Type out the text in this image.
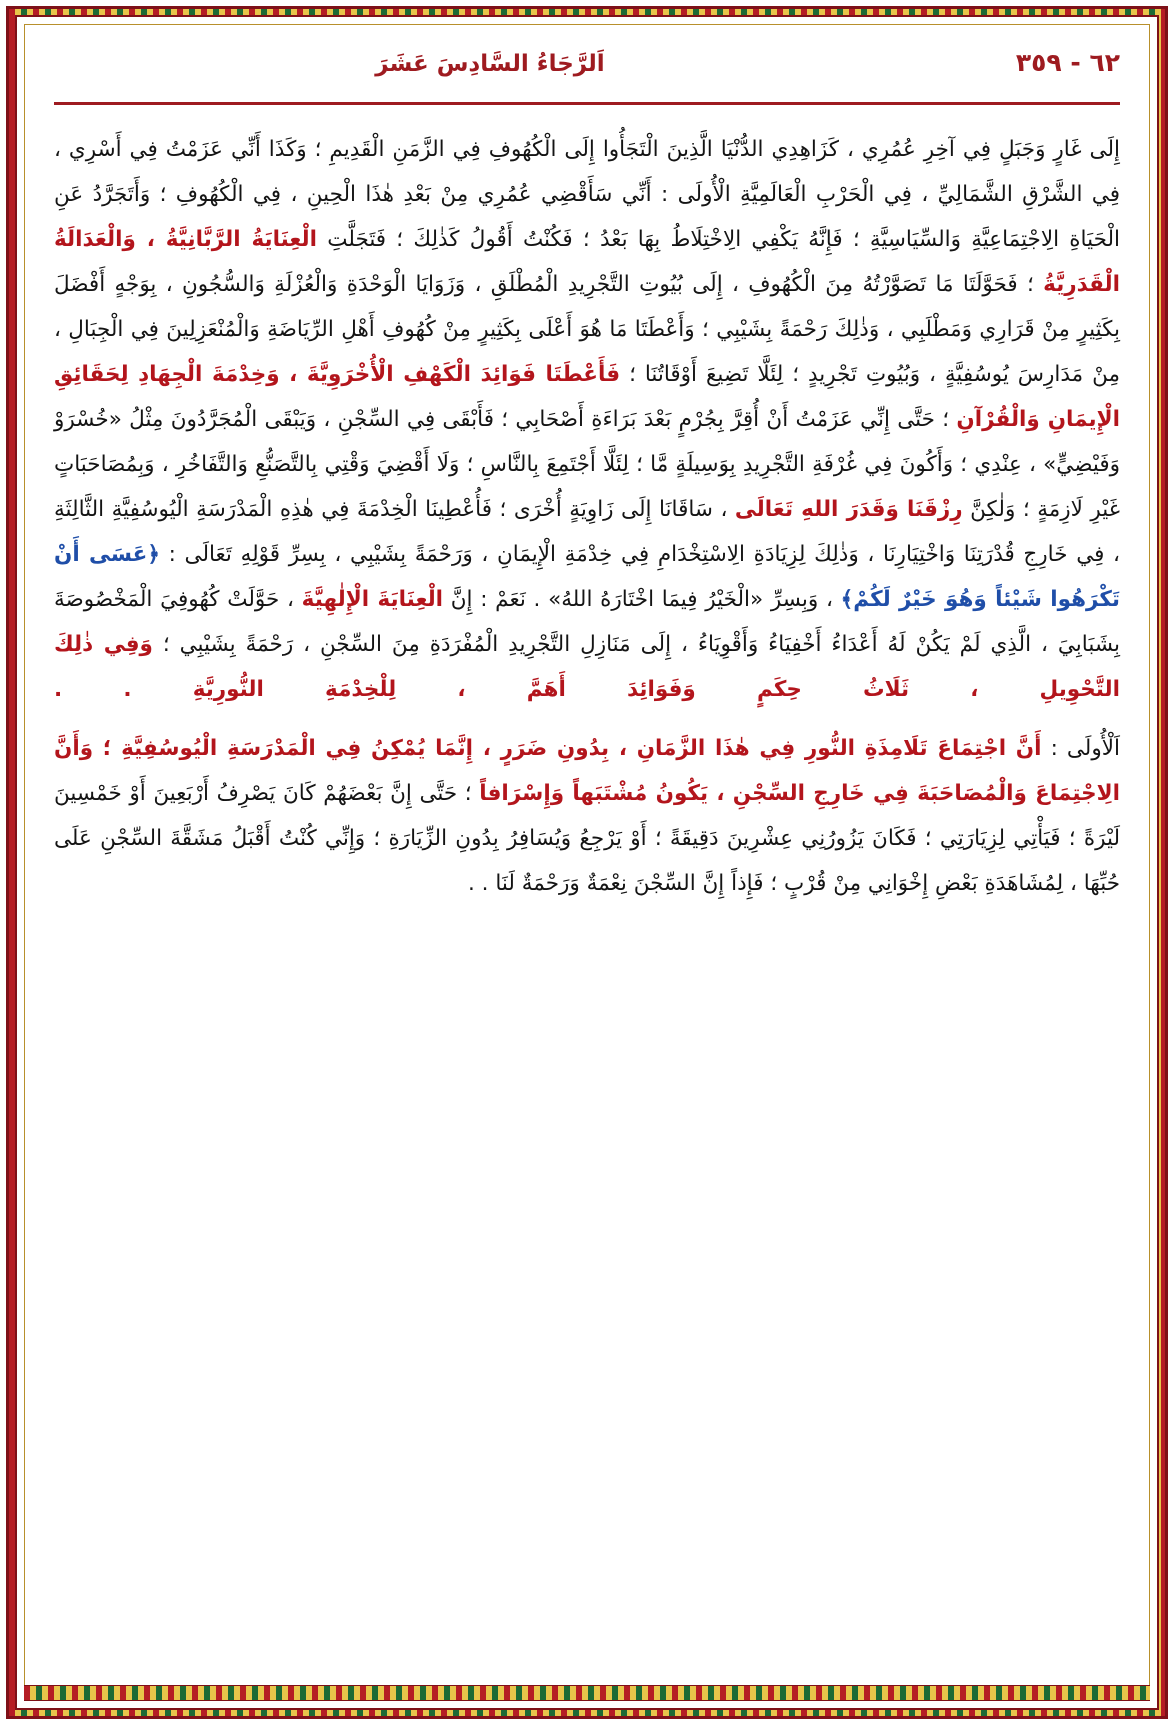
اَلرَّجَاءُ السَّادِسَ عَشَرَ	٦٢ - ٣٥٩

إِلَى غَارٍ وَجَبَلٍ فِي آخِرِ عُمُرِي ، كَزَاهِدِي الدُّنْيَا الَّذِينَ الْتَجَأُوا إِلَى الْكُهُوفِ فِي الزَّمَنِ الْقَدِيمِ ؛ وَكَذَا أَنِّي عَزَمْتُ فِي أَسْرِي ، فِي الشَّرْقِ الشَّمَالِيِّ ، فِي الْحَرْبِ الْعَالَمِيَّةِ الْأُولَى : أَنِّي سَأَقْضِي عُمُرِي مِنْ بَعْدِ هٰذَا الْحِينِ ، فِي الْكُهُوفِ ؛ وَأَتَجَرَّدُ عَنِ الْحَيَاةِ الِاجْتِمَاعِيَّةِ وَالسِّيَاسِيَّةِ ؛ فَإِنَّهُ يَكْفِي الِاخْتِلَاطُ بِهَا بَعْدُ ؛ فَكُنْتُ أَقُولُ كَذٰلِكَ ؛ فَتَجَلَّتِ الْعِنَايَةُ الرَّبَّانِيَّةُ ، وَالْعَدَالَةُ الْقَدَرِيَّةُ ؛ فَحَوَّلَتَا مَا تَصَوَّرْتُهُ مِنَ الْكُهُوفِ ، إِلَى بُيُوتِ التَّجْرِيدِ الْمُطْلَقِ ، وَزَوَايَا الْوَحْدَةِ وَالْعُزْلَةِ وَالسُّجُونِ ، بِوَجْهٍ أَفْضَلَ بِكَثِيرٍ مِنْ قَرَارِي وَمَطْلَبِي ، وَذٰلِكَ رَحْمَةً بِشَيْبِي ؛ وَأَعْطَتَا مَا هُوَ أَعْلَى بِكَثِيرٍ مِنْ كُهُوفِ أَهْلِ الرِّيَاضَةِ وَالْمُنْعَزِلِينَ فِي الْجِبَالِ ، مِنْ مَدَارِسَ يُوسُفِيَّةٍ ، وَبُيُوتِ تَجْرِيدٍ ؛ لِئَلَّا تَضِيعَ أَوْقَاتُنَا ؛ فَأَعْطَتَا فَوَائِدَ الْكَهْفِ الْأُخْرَوِيَّةَ ، وَخِدْمَةَ الْجِهَادِ لِحَقَائِقِ الْإِيمَانِ وَالْقُرْآنِ ؛ حَتَّى إِنِّي عَزَمْتُ أَنْ أُقِرَّ بِجُرْمٍ بَعْدَ بَرَاءَةِ أَصْحَابِي ؛ فَأَبْقَى فِي السِّجْنِ ، وَيَبْقَى الْمُجَرَّدُونَ مِثْلُ «خُسْرَوْ وَفَيْضِيٍّ» ، عِنْدِي ؛ وَأَكُونَ فِي غُرْفَةِ التَّجْرِيدِ بِوَسِيلَةٍ مَّا ؛ لِئَلَّا أَجْتَمِعَ بِالنَّاسِ ؛ وَلَا أَقْضِيَ وَقْتِي بِالتَّصَنُّعِ وَالتَّفَاخُرِ ، وَبِمُصَاحَبَاتٍ غَيْرِ لَازِمَةٍ ؛ وَلٰكِنَّ رِزْقَنَا وَقَدَرَ اللهِ تَعَالَى ، سَاقَانَا إِلَى زَاوِيَةٍ أُخْرَى ؛ فَأُعْطِينَا الْخِدْمَةَ فِي هٰذِهِ الْمَدْرَسَةِ الْيُوسُفِيَّةِ الثَّالِثَةِ ، فِي خَارِجِ قُدْرَتِنَا وَاخْتِيَارِنَا ، وَذٰلِكَ لِزِيَادَةِ الِاسْتِخْدَامِ فِي خِدْمَةِ الْإِيمَانِ ، وَرَحْمَةً بِشَيْبِي ، بِسِرِّ قَوْلِهِ تَعَالَى : ﴿عَسَى أَنْ تَكْرَهُوا شَيْئاً وَهُوَ خَيْرٌ لَكُمْ﴾ ، وَبِسِرِّ «الْخَيْرُ فِيمَا اخْتَارَهُ اللهُ» . نَعَمْ : إِنَّ الْعِنَايَةَ الْإِلٰهِيَّةَ ، حَوَّلَتْ كُهُوفِيَ الْمَخْصُوصَةَ بِشَبَابِيَ ، الَّذِي لَمْ يَكُنْ لَهُ أَعْدَاءُ أَخْفِيَاءُ وَأَقْوِيَاءُ ، إِلَى مَنَازِلِ التَّجْرِيدِ الْمُفْرَدَةِ مِنَ السِّجْنِ ، رَحْمَةً بِشَيْبِي ؛ وَفِي ذٰلِكَ التَّحْوِيلِ ، ثَلَاثُ حِكَمٍ وَفَوَائِدَ أَهَمَّ ، لِلْخِدْمَةِ النُّورِيَّةِ . .

اَلْأُولَى : أَنَّ اجْتِمَاعَ تَلَامِذَةِ النُّورِ فِي هٰذَا الزَّمَانِ ، بِدُونِ ضَرَرٍ ، إِنَّمَا يُمْكِنُ فِي الْمَدْرَسَةِ الْيُوسُفِيَّةِ ؛ وَأَنَّ الِاجْتِمَاعَ وَالْمُصَاحَبَةَ فِي خَارِجِ السِّجْنِ ، يَكُونُ مُشْتَبَهاً وَإِسْرَافاً ؛ حَتَّى إِنَّ بَعْضَهُمْ كَانَ يَصْرِفُ أَرْبَعِينَ أَوْ خَمْسِينَ لَيْرَةً ؛ فَيَأْتِي لِزِيَارَتِي ؛ فَكَانَ يَزُورُنِي عِشْرِينَ دَقِيقَةً ؛ أَوْ يَرْجِعُ وَيُسَافِرُ بِدُونِ الزِّيَارَةِ ؛ وَإِنِّي كُنْتُ أَقْبَلُ مَشَقَّةَ السِّجْنِ عَلَى حُبِّهَا ، لِمُشَاهَدَةِ بَعْضِ إِخْوَانِي مِنْ قُرْبٍ ؛ فَإِذاً إِنَّ السِّجْنَ نِعْمَةٌ وَرَحْمَةٌ لَنَا . .
